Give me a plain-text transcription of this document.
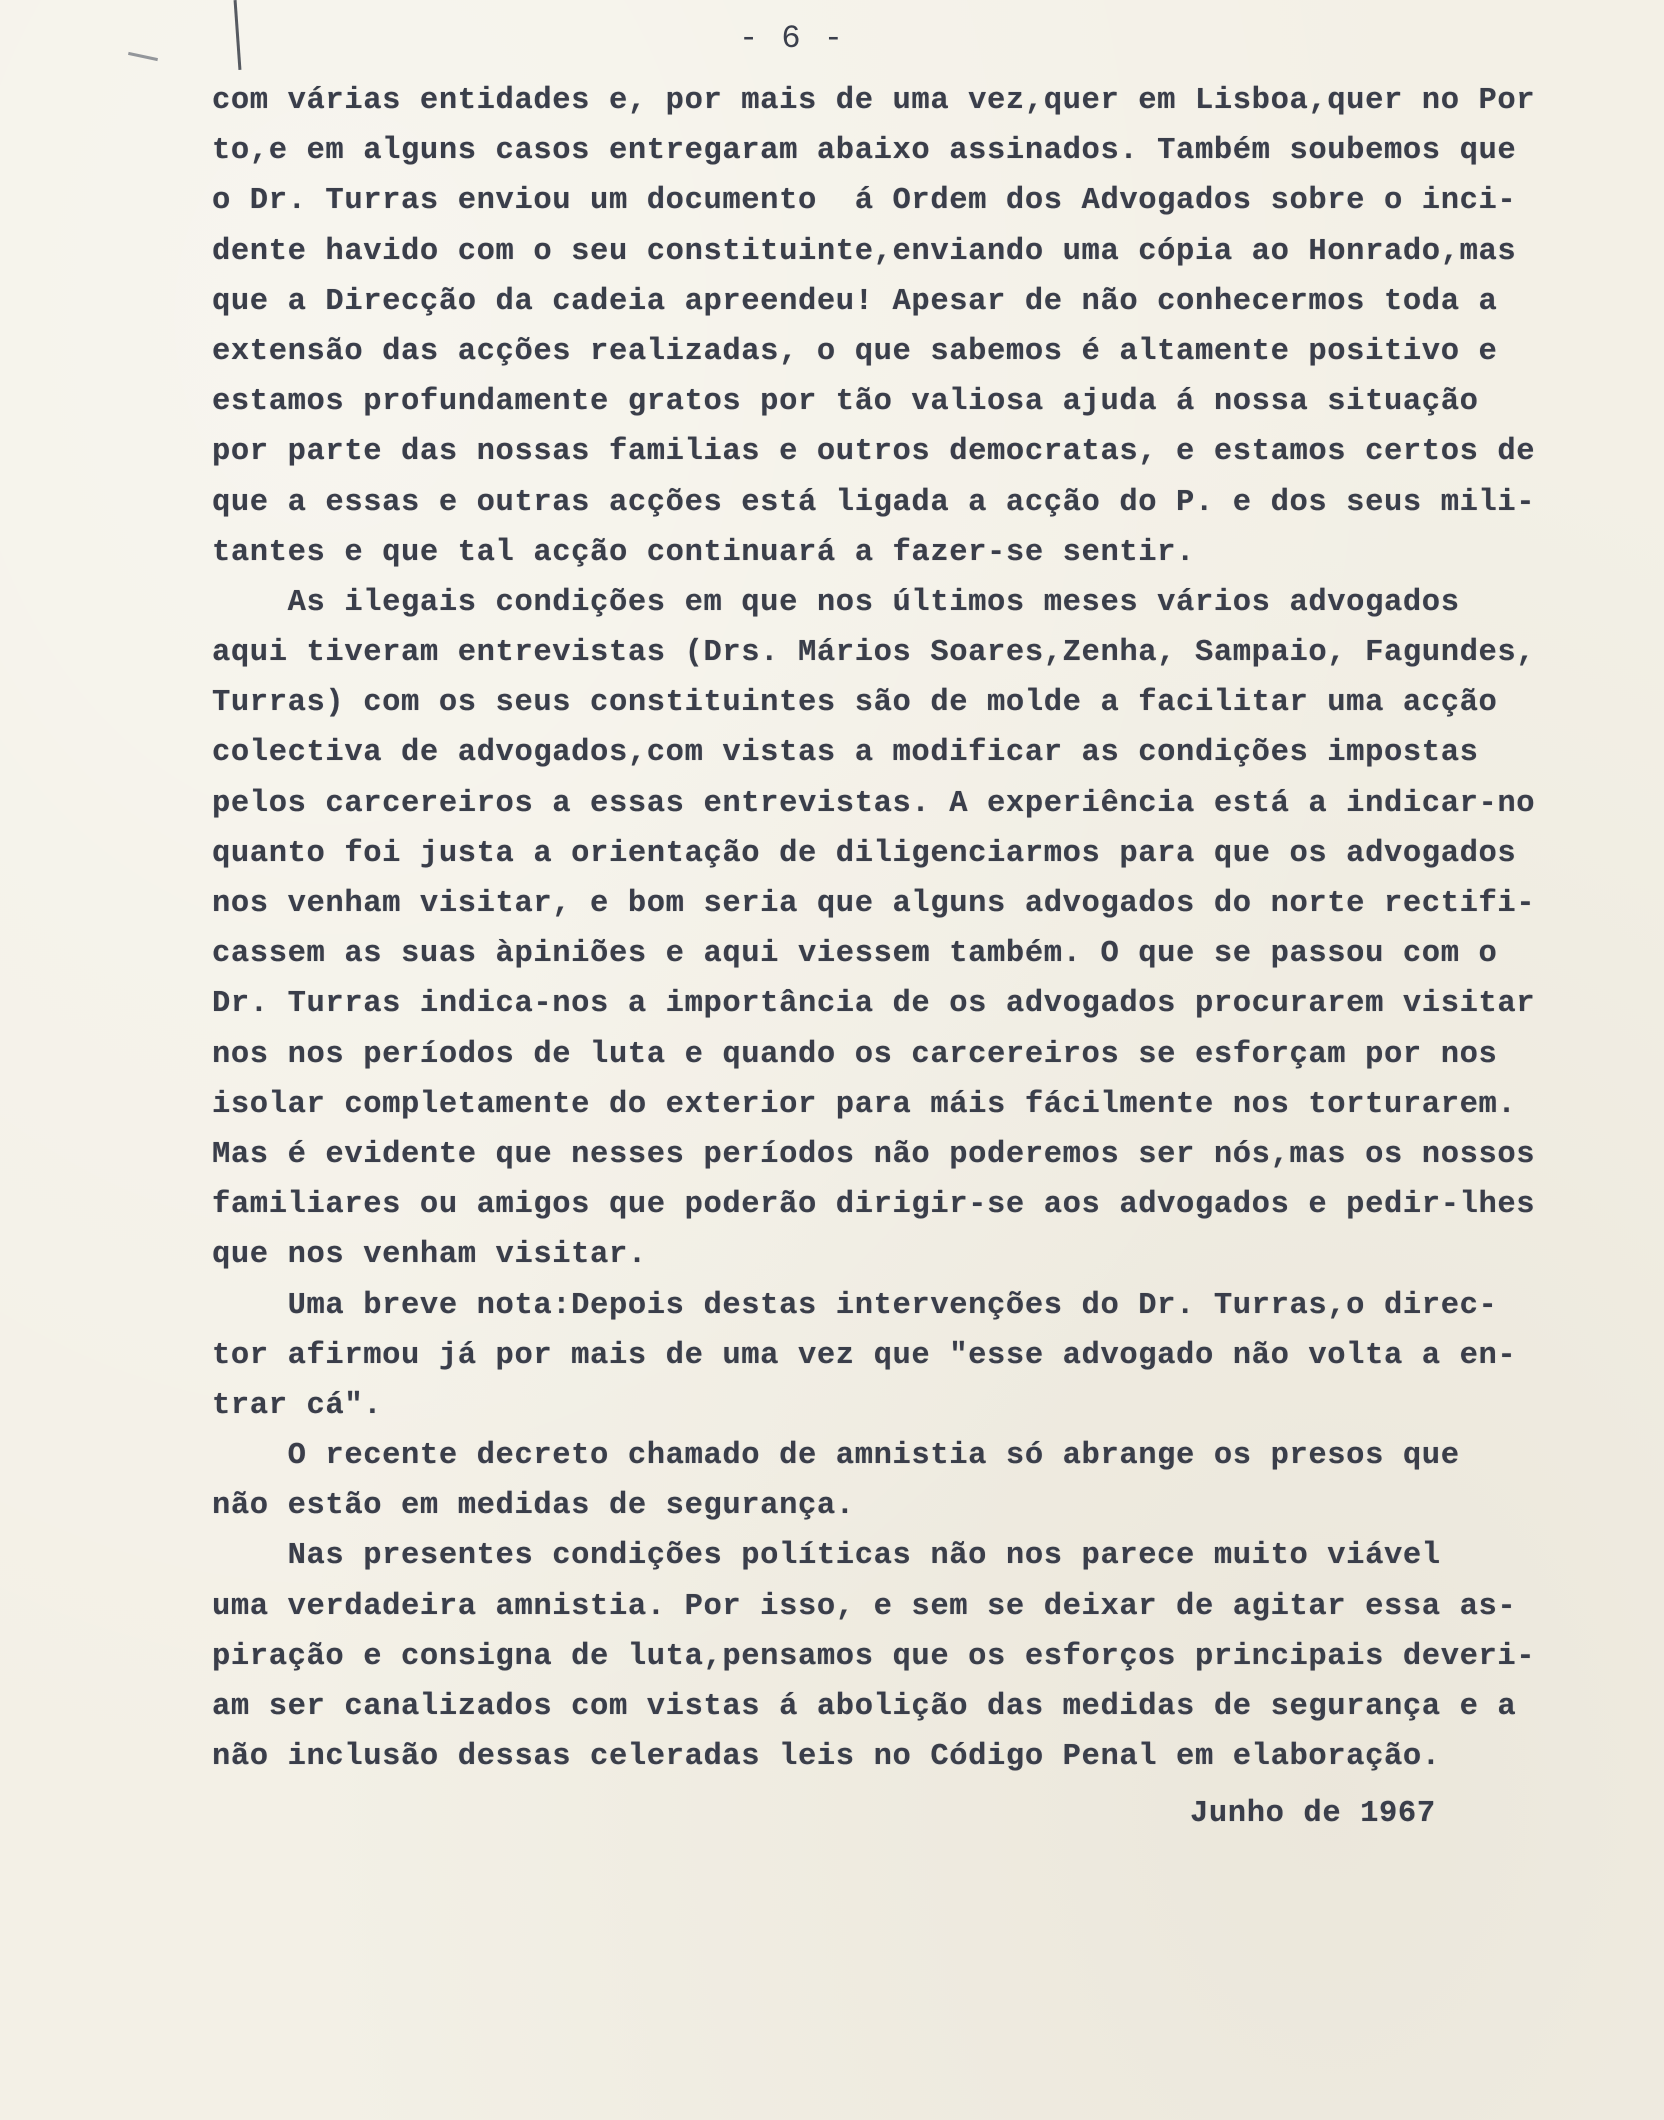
- 6 -
com várias entidades e, por mais de uma vez,quer em Lisboa,quer no Por
to,e em alguns casos entregaram abaixo assinados. Também soubemos que
o Dr. Turras enviou um documento  á Ordem dos Advogados sobre o inci-
dente havido com o seu constituinte,enviando uma cópia ao Honrado,mas
que a Direcção da cadeia apreendeu! Apesar de não conhecermos toda a
extensão das acções realizadas, o que sabemos é altamente positivo e
estamos profundamente gratos por tão valiosa ajuda á nossa situação
por parte das nossas familias e outros democratas, e estamos certos de
que a essas e outras acções está ligada a acção do P. e dos seus mili-
tantes e que tal acção continuará a fazer-se sentir.
As ilegais condições em que nos últimos meses vários advogados
aqui tiveram entrevistas (Drs. Mários Soares,Zenha, Sampaio, Fagundes,
Turras) com os seus constituintes são de molde a facilitar uma acção
colectiva de advogados,com vistas a modificar as condições impostas
pelos carcereiros a essas entrevistas. A experiência está a indicar-no
quanto foi justa a orientação de diligenciarmos para que os advogados
nos venham visitar, e bom seria que alguns advogados do norte rectifi-
cassem as suas àpiniões e aqui viessem também. O que se passou com o
Dr. Turras indica-nos a importância de os advogados procurarem visitar
nos nos períodos de luta e quando os carcereiros se esforçam por nos
isolar completamente do exterior para máis fácilmente nos torturarem.
Mas é evidente que nesses períodos não poderemos ser nós,mas os nossos
familiares ou amigos que poderão dirigir-se aos advogados e pedir-lhes
que nos venham visitar.
Uma breve nota:Depois destas intervenções do Dr. Turras,o direc-
tor afirmou já por mais de uma vez que "esse advogado não volta a en-
trar cá".
O recente decreto chamado de amnistia só abrange os presos que
não estão em medidas de segurança.
Nas presentes condições políticas não nos parece muito viável
uma verdadeira amnistia. Por isso, e sem se deixar de agitar essa as-
piração e consigna de luta,pensamos que os esforços principais deveri-
am ser canalizados com vistas á abolição das medidas de segurança e a
não inclusão dessas celeradas leis no Código Penal em elaboração.
Junho de 1967
